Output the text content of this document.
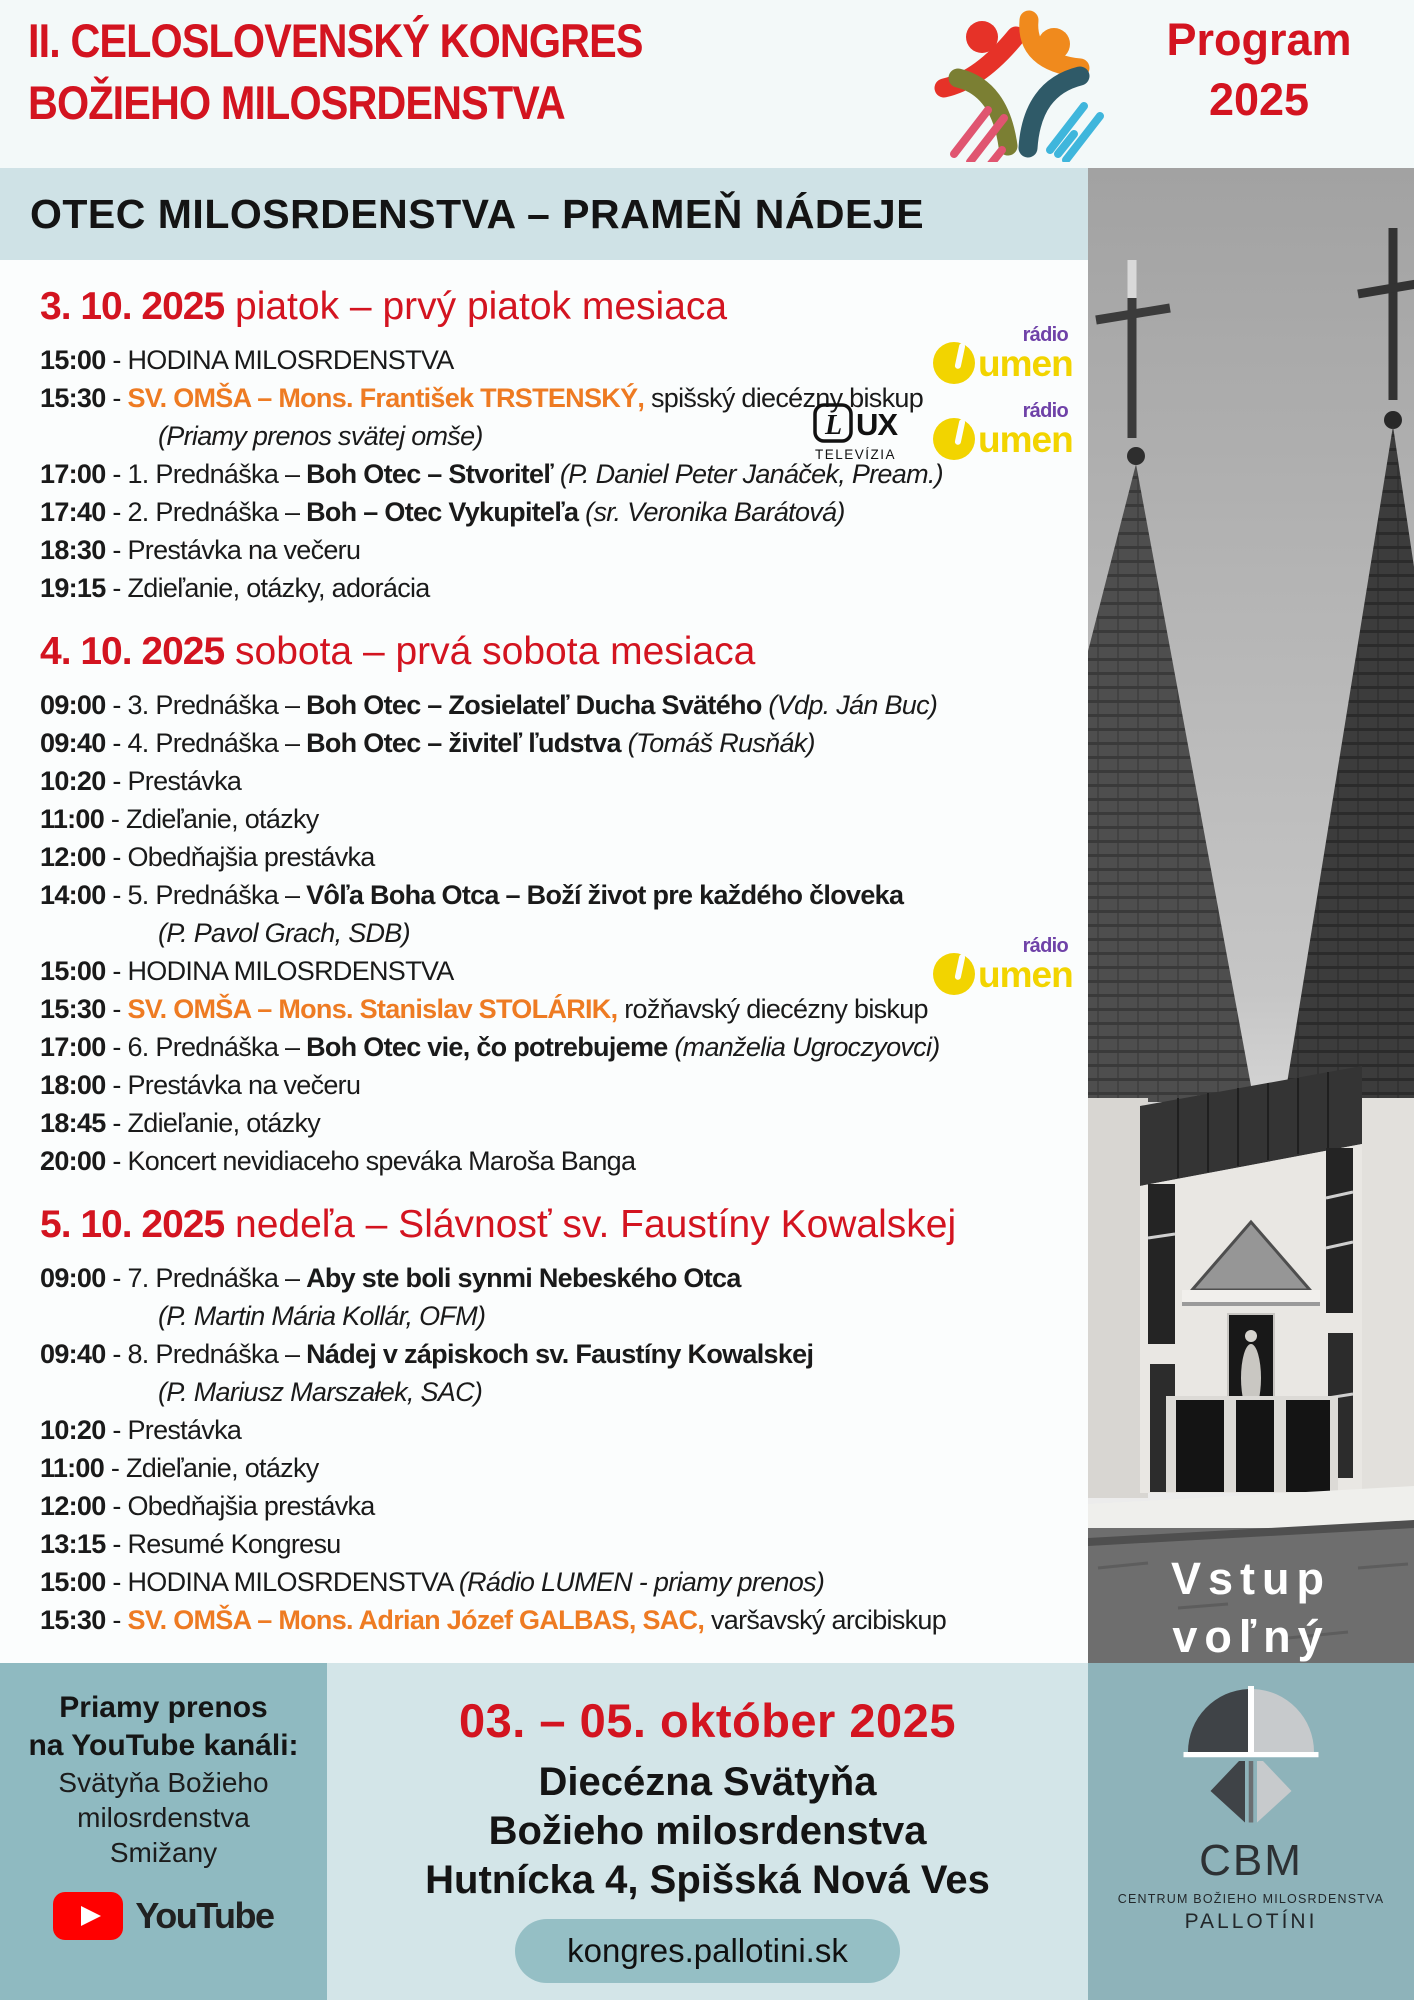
II. CELOSLOVENSKÝ KONGRES
BOŽIEHO MILOSRDENSTVA
Program
2025
OTEC MILOSRDENSTVA – PRAMEŇ NÁDEJE
3. 10. 2025 piatok – prvý piatok mesiaca
15:00 - HODINA MILOSRDENSTVA
rádio
umen
15:30 - SV. OMŠA – Mons. František TRSTENSKÝ, spišský diecézny biskup
(Priamy prenos svätej omše)	L UX
TELEVÍZIA
rádio
umen
17:00 - 1. Prednáška – Boh Otec – Stvoriteľ (P. Daniel Peter Janáček, Pream.)
17:40 - 2. Prednáška – Boh – Otec Vykupiteľa (sr. Veronika Barátová)
18:30 - Prestávka na večeru
19:15 - Zdieľanie, otázky, adorácia
4. 10. 2025 sobota – prvá sobota mesiaca
09:00 - 3. Prednáška – Boh Otec – Zosielateľ Ducha Svätého (Vdp. Ján Buc)
09:40 - 4. Prednáška – Boh Otec – živiteľ ľudstva (Tomáš Rusňák)
10:20 - Prestávka
11:00 - Zdieľanie, otázky
12:00 - Obedňajšia prestávka
14:00 - 5. Prednáška – Vôľa Boha Otca – Boží život pre každého človeka
(P. Pavol Grach, SDB)
15:00 - HODINA MILOSRDENSTVA
rádio
umen
15:30 - SV. OMŠA – Mons. Stanislav STOLÁRIK, rožňavský diecézny biskup
17:00 - 6. Prednáška – Boh Otec vie, čo potrebujeme (manželia Ugroczyovci)
18:00 - Prestávka na večeru
18:45 - Zdieľanie, otázky
20:00 - Koncert nevidiaceho speváka Maroša Banga
5. 10. 2025 nedeľa – Slávnosť sv. Faustíny Kowalskej
09:00 - 7. Prednáška – Aby ste boli synmi Nebeského Otca
(P. Martin Mária Kollár, OFM)
09:40 - 8. Prednáška – Nádej v zápiskoch sv. Faustíny Kowalskej
(P. Mariusz Marszałek, SAC)
10:20 - Prestávka
11:00 - Zdieľanie, otázky
12:00 - Obedňajšia prestávka
13:15 - Resumé Kongresu
15:00 - HODINA MILOSRDENSTVA (Rádio LUMEN - priamy prenos)
15:30 - SV. OMŠA – Mons. Adrian Józef GALBAS, SAC, varšavský arcibiskup
Vstup
voľný
Priamy prenos
na YouTube kanáli:
Svätyňa Božieho
milosrdenstva
Smižany
YouTube
03. – 05. október 2025
Diecézna Svätyňa
Božieho milosrdenstva
Hutnícka 4, Spišská Nová Ves
kongres.pallotini.sk
CBM
CENTRUM BOŽIEHO MILOSRDENSTVA
PALLOTÍNI
